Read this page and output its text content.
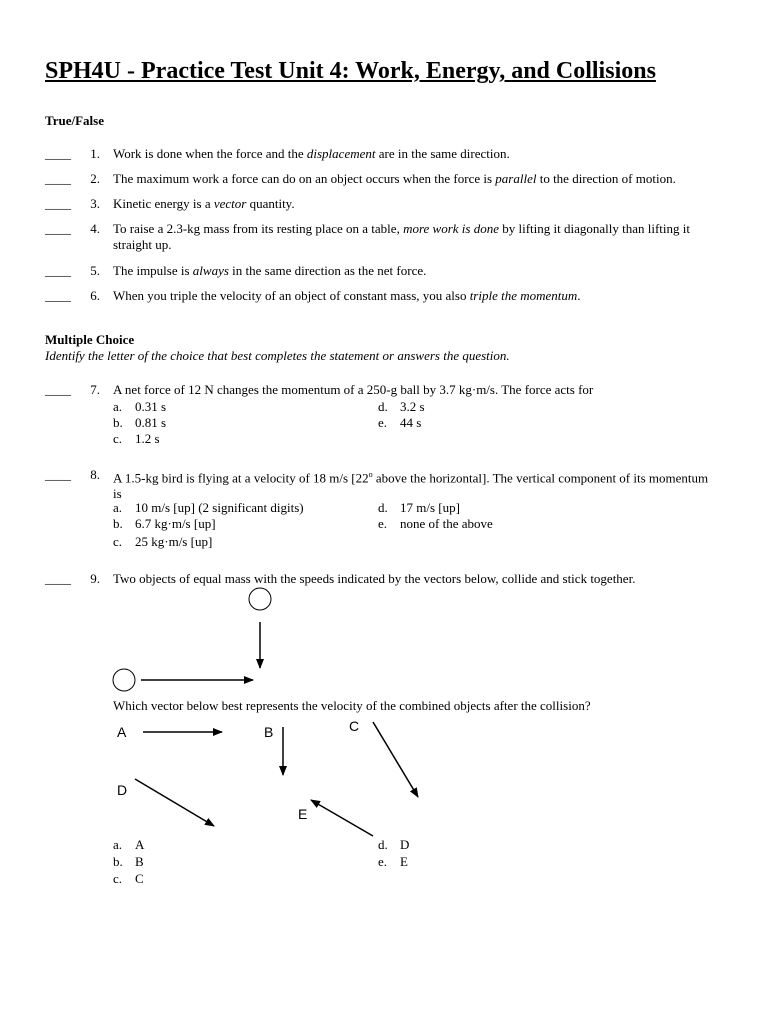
SPH4U - Practice Test Unit 4: Work, Energy, and Collisions
True/False
____	1. Work is done when the force and the displacement are in the same direction.
____	2. The maximum work a force can do on an object occurs when the force is parallel to the direction of motion.
____	3. Kinetic energy is a vector quantity.
____	4. To raise a 2.3-kg mass from its resting place on a table, more work is done by lifting it diagonally than lifting it straight up.
____	5. The impulse is always in the same direction as the net force.
____	6. When you triple the velocity of an object of constant mass, you also triple the momentum.
Multiple Choice
Identify the letter of the choice that best completes the statement or answers the question.
____	7. A net force of 12 N changes the momentum of a 250-g ball by 3.7 kg·m/s. The force acts for
a. 0.31 s
b. 0.81 s
c. 1.2 s
d. 3.2 s
e. 44 s
____	8. A 1.5-kg bird is flying at a velocity of 18 m/s [22$^o$ above the horizontal]. The vertical component of its momentum is
a. 10 m/s [up] (2 significant digits)
b. 6.7 kg·m/s [up]
c. 25 kg·m/s [up]
d. 17 m/s [up]
e. none of the above
____	9. Two objects of equal mass with the speeds indicated by the vectors below, collide and stick together.
Which vector below best represents the velocity of the combined objects after the collision?
A	B	C
D
E
a. A
b. B
c. C
d. D
e. E
